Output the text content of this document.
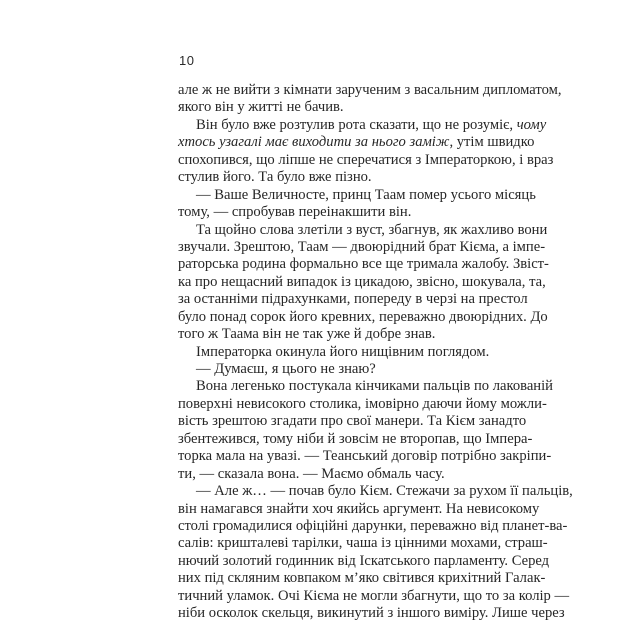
10
але ж не вийти з кімнати зарученим з васальним дипломатом,
якого він у житті не бачив.
Він було вже розтулив рота сказати, що не розуміє, чому
хтось узагалі має виходити за нього заміж, утім швидко
спохопився, що ліпше не сперечатися з Імператоркою, і враз
стулив його. Та було вже пізно.
— Ваше Величносте, принц Таам помер усього місяць
тому, — спробував переінакшити він.
Та щойно слова злетіли з вуст, збагнув, як жахливо вони
звучали. Зрештою, Таам — двоюрідний брат Кієма, а імпе-
раторська родина формально все ще тримала жалобу. Звіст-
ка про нещасний випадок із цикадою, звісно, шокувала, та,
за останніми підрахунками, попереду в черзі на престол
було понад сорок його кревних, переважно двоюрідних. До
того ж Таама він не так уже й добре знав.
Імператорка окинула його нищівним поглядом.
— Думаєш, я цього не знаю?
Вона легенько постукала кінчиками пальців по лакованій
поверхні невисокого столика, імовірно даючи йому можли-
вість зрештою згадати про свої манери. Та Кієм занадто
збентежився, тому ніби й зовсім не второпав, що Імпера-
торка мала на увазі. — Теанський договір потрібно закріпи-
ти, — сказала вона. — Маємо обмаль часу.
— Але ж… — почав було Кієм. Стежачи за рухом її пальців,
він намагався знайти хоч якийсь аргумент. На невисокому
столі громадилися офіційні дарунки, переважно від планет-ва-
салів: кришталеві тарілки, чаша із цінними мохами, страш-
нючий золотий годинник від Іскатського парламенту. Серед
них під скляним ковпаком м’яко світився крихітний Галак-
тичний уламок. Очі Кієма не могли збагнути, що то за колір —
ніби осколок скельця, викинутий з іншого виміру. Лише через
